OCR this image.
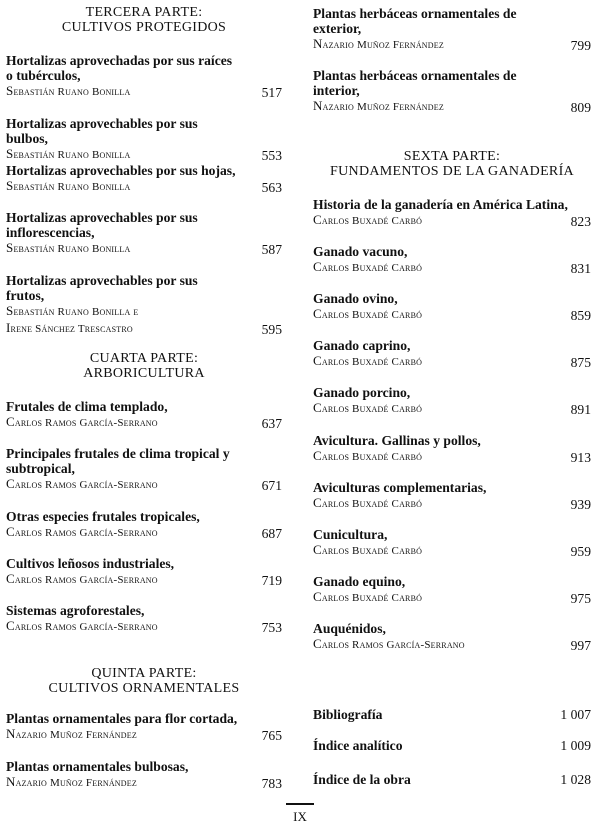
TERCERA PARTE:
CULTIVOS PROTEGIDOS
Hortalizas aprovechadas por sus raíces o tubérculos,
Sebastián Ruano Bonilla	517
Hortalizas aprovechables por sus bulbos,
Sebastián Ruano Bonilla	553
Hortalizas aprovechables por sus hojas,
Sebastián Ruano Bonilla	563
Hortalizas aprovechables por sus inflorescencias,
Sebastián Ruano Bonilla	587
Hortalizas aprovechables por sus frutos,
Sebastián Ruano Bonilla e
Irene Sánchez Trescastro	595
CUARTA PARTE:
ARBORICULTURA
Frutales de clima templado,
Carlos Ramos García-Serrano	637
Principales frutales de clima tropical y subtropical,
Carlos Ramos García-Serrano	671
Otras especies frutales tropicales,
Carlos Ramos García-Serrano	687
Cultivos leñosos industriales,
Carlos Ramos García-Serrano	719
Sistemas agroforestales,
Carlos Ramos García-Serrano	753
QUINTA PARTE:
CULTIVOS ORNAMENTALES
Plantas ornamentales para flor cortada,
Nazario Muñoz Fernández	765
Plantas ornamentales bulbosas,
Nazario Muñoz Fernández	783
Plantas herbáceas ornamentales de exterior,
Nazario Muñoz Fernández	799
Plantas herbáceas ornamentales de interior,
Nazario Muñoz Fernández	809
SEXTA PARTE:
FUNDAMENTOS DE LA GANADERÍA
Historia de la ganadería en América Latina,
Carlos Buxadé Carbó	823
Ganado vacuno,
Carlos Buxadé Carbó	831
Ganado ovino,
Carlos Buxadé Carbó	859
Ganado caprino,
Carlos Buxadé Carbó	875
Ganado porcino,
Carlos Buxadé Carbó	891
Avicultura. Gallinas y pollos,
Carlos Buxadé Carbó	913
Aviculturas complementarias,
Carlos Buxadé Carbó	939
Cunicultura,
Carlos Buxadé Carbó	959
Ganado equino,
Carlos Buxadé Carbó	975
Auquénidos,
Carlos Ramos García-Serrano	997
Bibliografía	1 007
Índice analítico	1 009
Índice de la obra	1 028
IX
